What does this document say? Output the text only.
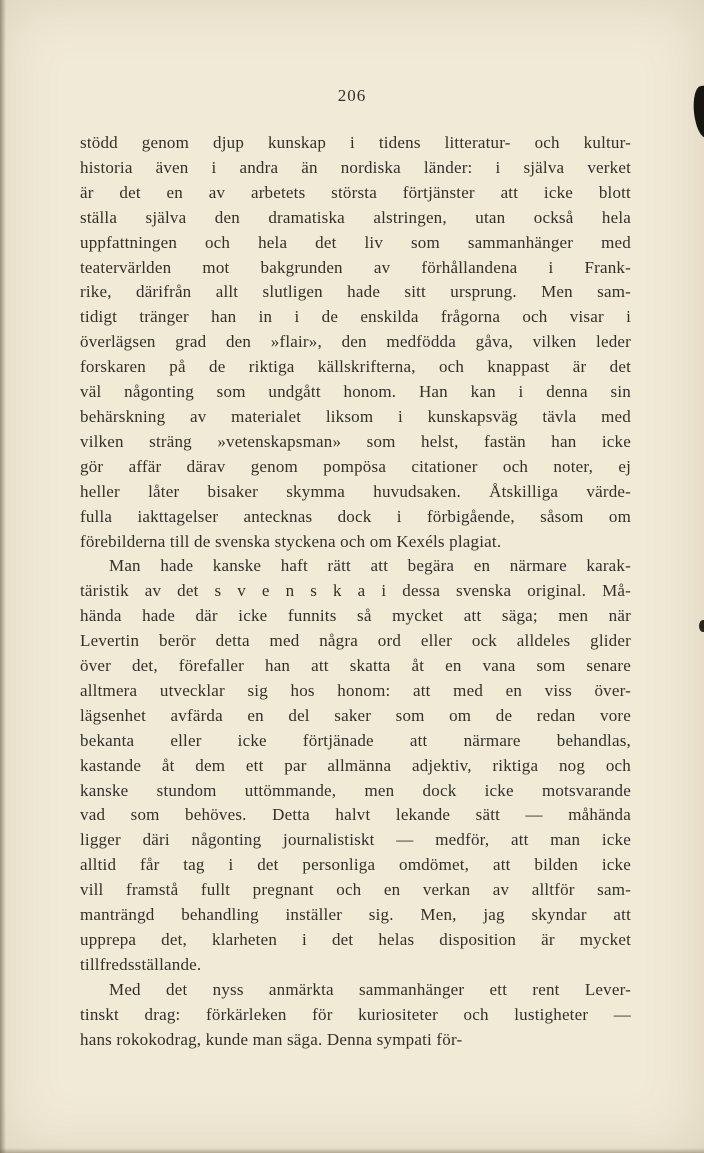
206
stödd genom djup kunskap i tidens litteratur- och kultur-
historia även i andra än nordiska länder: i själva verket
är det en av arbetets största förtjänster att icke blott
ställa själva den dramatiska alstringen, utan också hela
uppfattningen och hela det liv som sammanhänger med
teatervärlden mot bakgrunden av förhållandena i Frank-
rike, därifrån allt slutligen hade sitt ursprung. Men sam-
tidigt tränger han in i de enskilda frågorna och visar i
överlägsen grad den »flair», den medfödda gåva, vilken leder
forskaren på de riktiga källskrifterna, och knappast är det
väl någonting som undgått honom. Han kan i denna sin
behärskning av materialet liksom i kunskapsväg tävla med
vilken sträng »vetenskapsman» som helst, fastän han icke
gör affär därav genom pompösa citationer och noter, ej
heller låter bisaker skymma huvudsaken. Åtskilliga värde-
fulla iakttagelser antecknas dock i förbigående, såsom om
förebilderna till de svenska styckena och om Kexéls plagiat.
Man hade kanske haft rätt att begära en närmare karak-
täristik av det s v e n s k a i dessa svenska original. Må-
hända hade där icke funnits så mycket att säga; men när
Levertin berör detta med några ord eller ock alldeles glider
över det, förefaller han att skatta åt en vana som senare
alltmera utvecklar sig hos honom: att med en viss över-
lägsenhet avfärda en del saker som om de redan vore
bekanta eller icke förtjänade att närmare behandlas,
kastande åt dem ett par allmänna adjektiv, riktiga nog och
kanske stundom uttömmande, men dock icke motsvarande
vad som behöves. Detta halvt lekande sätt — måhända
ligger däri någonting journalistiskt — medför, att man icke
alltid får tag i det personliga omdömet, att bilden icke
vill framstå fullt pregnant och en verkan av alltför sam-
manträngd behandling inställer sig. Men, jag skyndar att
upprepa det, klarheten i det helas disposition är mycket
tillfredsställande.
Med det nyss anmärkta sammanhänger ett rent Lever-
tinskt drag: förkärleken för kuriositeter och lustigheter —
hans rokokodrag, kunde man säga. Denna sympati för-
